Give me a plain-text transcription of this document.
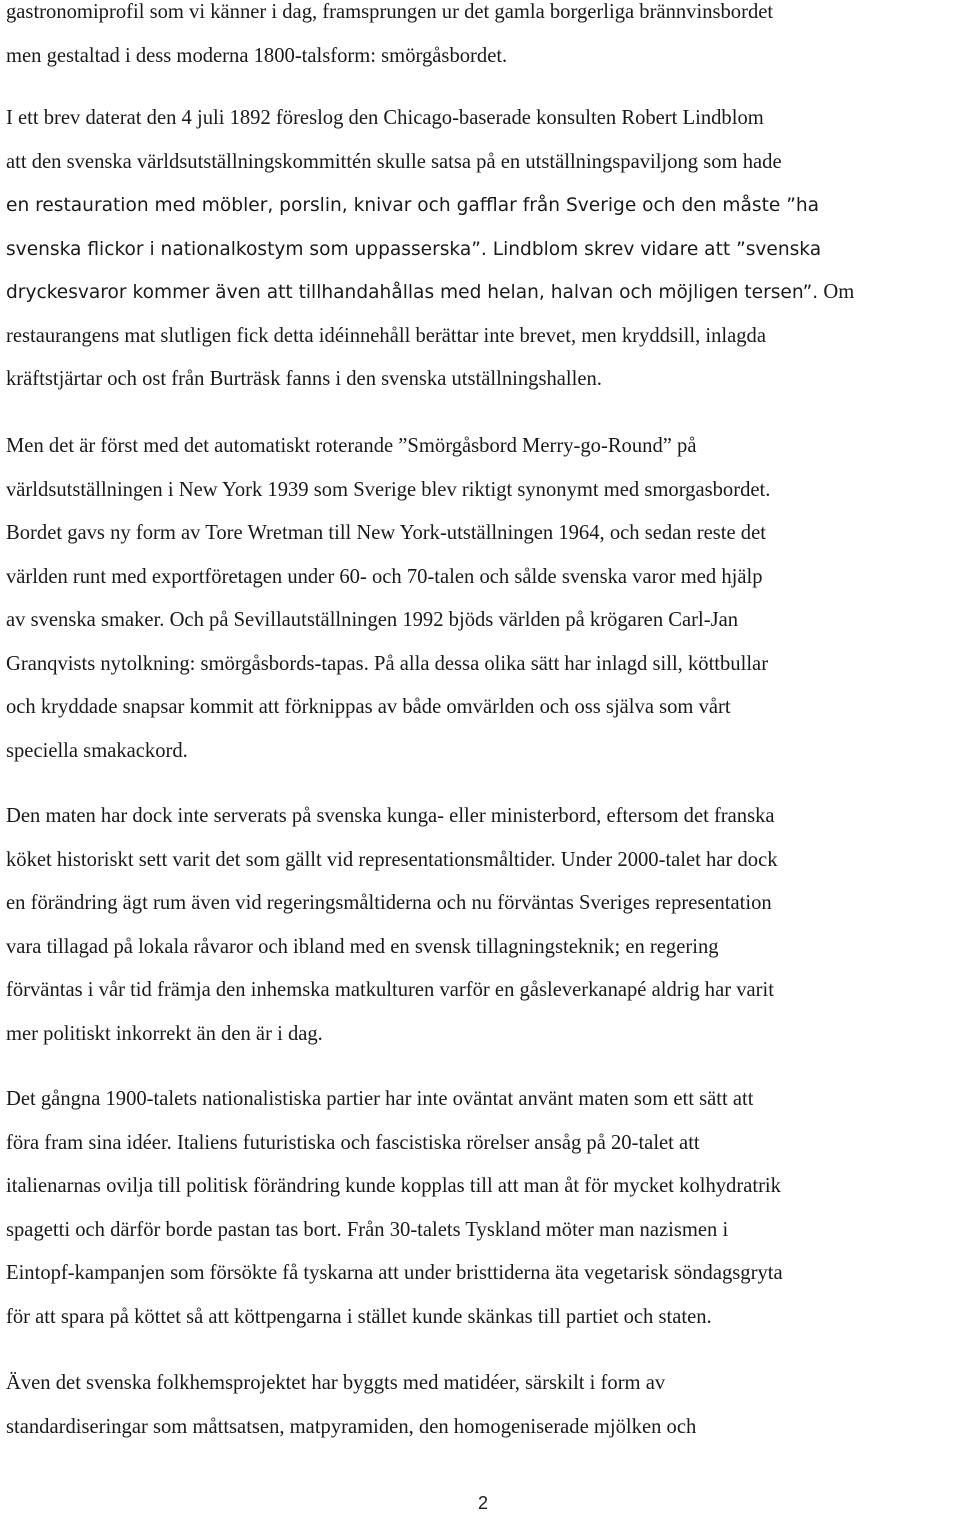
gastronomiprofil som vi känner i dag, framsprungen ur det gamla borgerliga brännvinsbordet
men gestaltad i dess moderna 1800-talsform: smörgåsbordet.

I ett brev daterat den 4 juli 1892 föreslog den Chicago-baserade konsulten Robert Lindblom
att den svenska världsutställningskommittén skulle satsa på en utställningspaviljong som hade
en restauration med möbler, porslin, knivar och gafflar från Sverige och den måste ”ha
svenska flickor i nationalkostym som uppasserska”. Lindblom skrev vidare att ”svenska
dryckesvaror kommer även att tillhandahållas med helan, halvan och möjligen tersen”. Om
restaurangens mat slutligen fick detta idéinnehåll berättar inte brevet, men kryddsill, inlagda
kräftstjärtar och ost från Burträsk fanns i den svenska utställningshallen.

Men det är först med det automatiskt roterande ”Smörgåsbord Merry-go-Round” på
världsutställningen i New York 1939 som Sverige blev riktigt synonymt med smorgasbordet.
Bordet gavs ny form av Tore Wretman till New York-utställningen 1964, och sedan reste det
världen runt med exportföretagen under 60- och 70-talen och sålde svenska varor med hjälp
av svenska smaker. Och på Sevillautställningen 1992 bjöds världen på krögaren Carl-Jan
Granqvists nytolkning: smörgåsbords-tapas. På alla dessa olika sätt har inlagd sill, köttbullar
och kryddade snapsar kommit att förknippas av både omvärlden och oss själva som vårt
speciella smakackord.

Den maten har dock inte serverats på svenska kunga- eller ministerbord, eftersom det franska
köket historiskt sett varit det som gällt vid representationsmåltider. Under 2000-talet har dock
en förändring ägt rum även vid regeringsmåltiderna och nu förväntas Sveriges representation
vara tillagad på lokala råvaror och ibland med en svensk tillagningsteknik; en regering
förväntas i vår tid främja den inhemska matkulturen varför en gåsleverkanapé aldrig har varit
mer politiskt inkorrekt än den är i dag.

Det gångna 1900-talets nationalistiska partier har inte oväntat använt maten som ett sätt att
föra fram sina idéer. Italiens futuristiska och fascistiska rörelser ansåg på 20-talet att
italienarnas ovilja till politisk förändring kunde kopplas till att man åt för mycket kolhydratrik
spagetti och därför borde pastan tas bort. Från 30-talets Tyskland möter man nazismen i
Eintopf-kampanjen som försökte få tyskarna att under bristtiderna äta vegetarisk söndagsgryta
för att spara på köttet så att köttpengarna i stället kunde skänkas till partiet och staten.

Även det svenska folkhemsprojektet har byggts med matidéer, särskilt i form av
standardiseringar som måttsatsen, matpyramiden, den homogeniserade mjölken och

2
